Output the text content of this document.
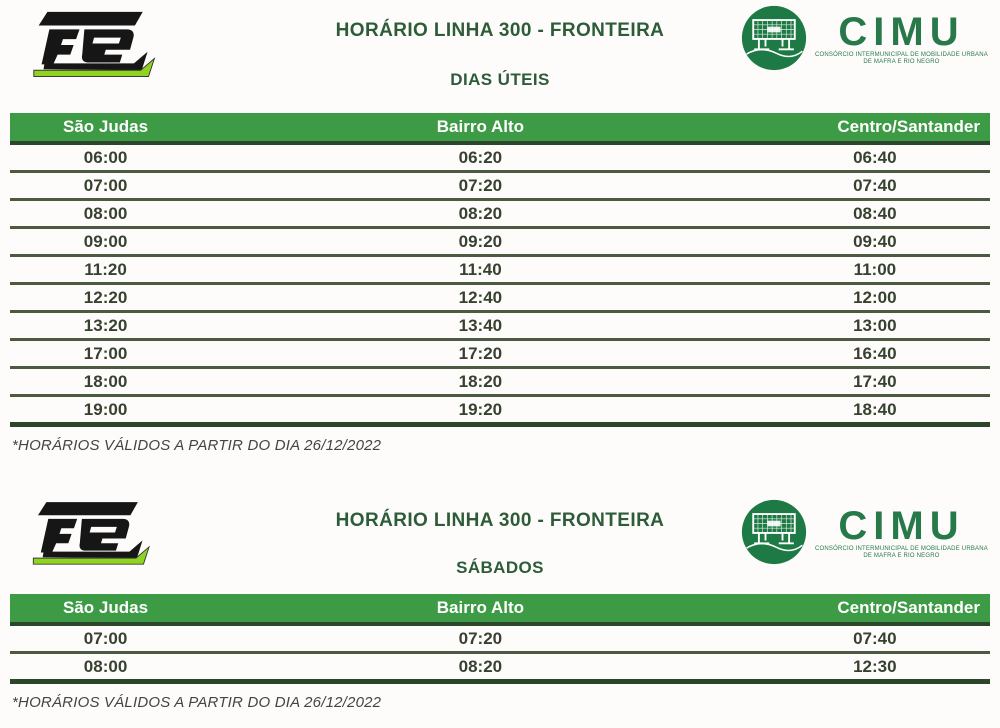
HORÁRIO LINHA 300 - FRONTEIRA
DIAS ÚTEIS
CIMU
CONSÓRCIO INTERMUNICIPAL DE MOBILIDADE URBANA
DE MAFRA E RIO NEGRO
São Judas	Bairro Alto	Centro/Santander
06:00	06:20	06:40
07:00	07:20	07:40
08:00	08:20	08:40
09:00	09:20	09:40
11:20	11:40	11:00
12:20	12:40	12:00
13:20	13:40	13:00
17:00	17:20	16:40
18:00	18:20	17:40
19:00	19:20	18:40

*HORÁRIOS VÁLIDOS A PARTIR DO DIA 26/12/2022

HORÁRIO LINHA 300 - FRONTEIRA
SÁBADOS
CIMU
CONSÓRCIO INTERMUNICIPAL DE MOBILIDADE URBANA
DE MAFRA E RIO NEGRO
São Judas	Bairro Alto	Centro/Santander
07:00	07:20	07:40
08:00	08:20	12:30

*HORÁRIOS VÁLIDOS A PARTIR DO DIA 26/12/2022
